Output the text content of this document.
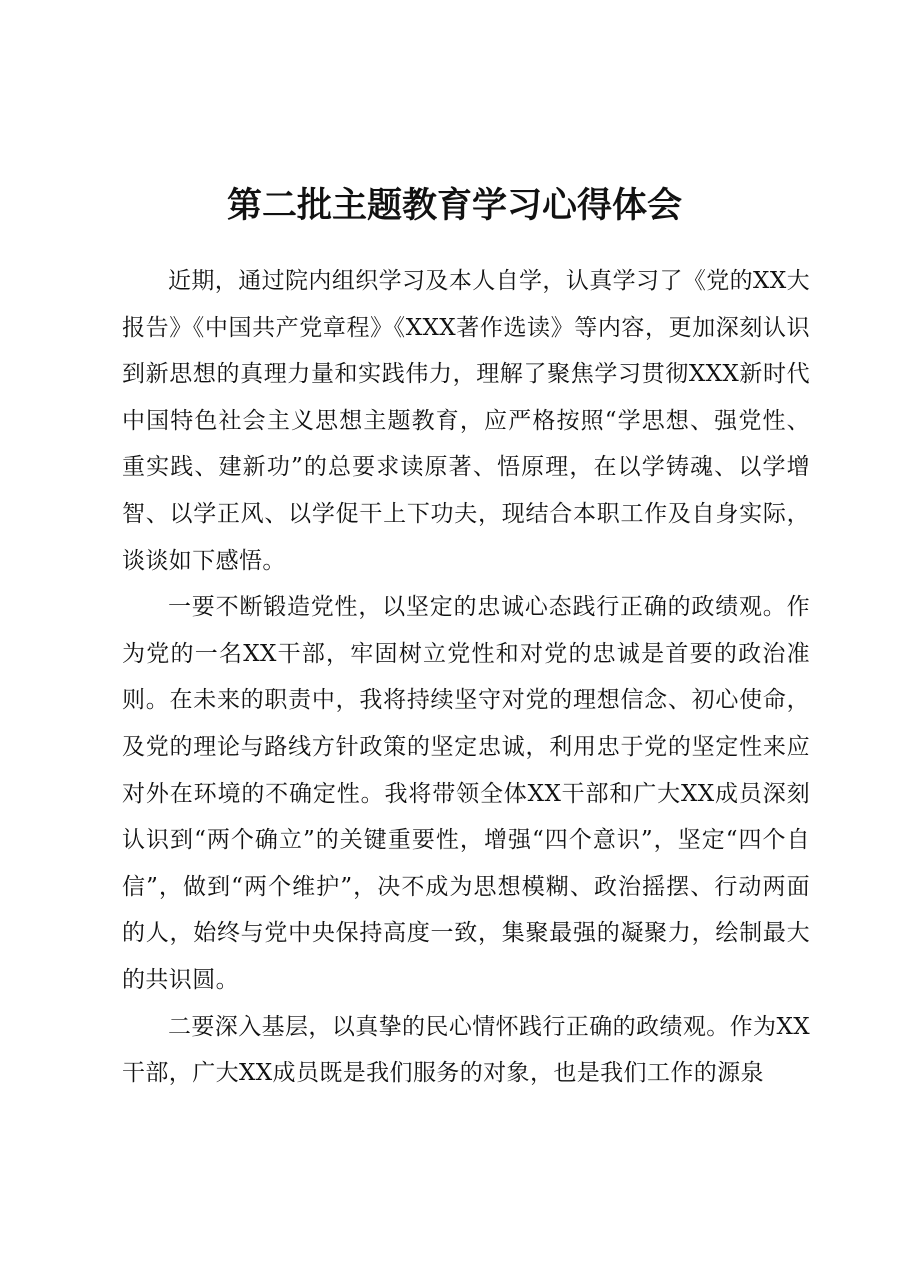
第二批主题教育学习心得体会

近期，通过院内组织学习及本人自学，认真学习了《党的XX大报告》《中国共产党章程》《XXX著作选读》等内容，更加深刻认识到新思想的真理力量和实践伟力，理解了聚焦学习贯彻XXX新时代中国特色社会主义思想主题教育，应严格按照“学思想、强党性、重实践、建新功”的总要求读原著、悟原理，在以学铸魂、以学增智、以学正风、以学促干上下功夫，现结合本职工作及自身实际，谈谈如下感悟。

一要不断锻造党性，以坚定的忠诚心态践行正确的政绩观。作为党的一名XX干部，牢固树立党性和对党的忠诚是首要的政治准则。在未来的职责中，我将持续坚守对党的理想信念、初心使命，及党的理论与路线方针政策的坚定忠诚，利用忠于党的坚定性来应对外在环境的不确定性。我将带领全体XX干部和广大XX成员深刻认识到“两个确立”的关键重要性，增强“四个意识”，坚定“四个自信”，做到“两个维护”，决不成为思想模糊、政治摇摆、行动两面的人，始终与党中央保持高度一致，集聚最强的凝聚力，绘制最大的共识圆。

二要深入基层，以真挚的民心情怀践行正确的政绩观。作为XX干部，广大XX成员既是我们服务的对象，也是我们工作的源泉
